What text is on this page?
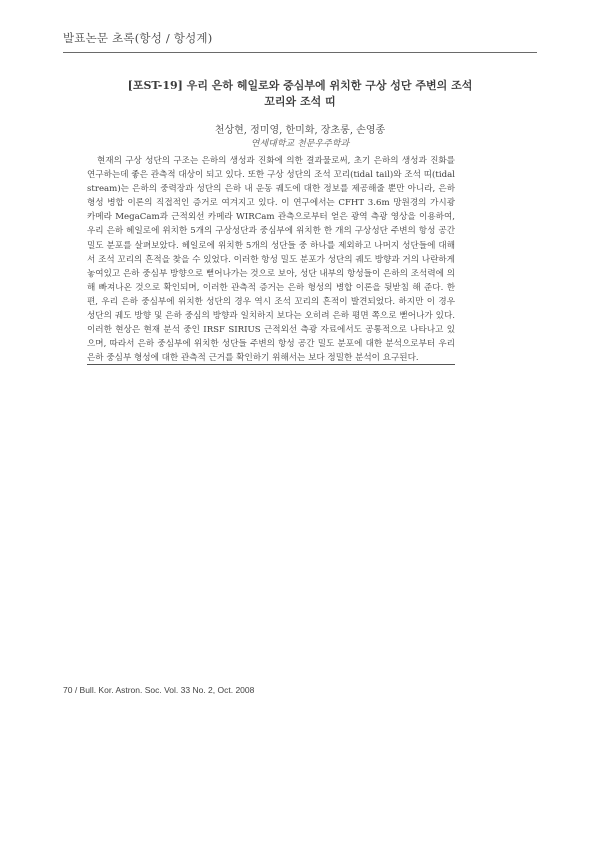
발표논문 초록(항성 / 항성계)
[포ST-19] 우리 은하 헤일로와 중심부에 위치한 구상 성단 주변의 조석
꼬리와 조석 띠
천상현, 정미영, 한미화, 장초롱, 손영종
연세대학교 천문우주학과
현재의 구상 성단의 구조는 은하의 생성과 진화에 의한 결과물로써, 초기 은하의 생성과 진화를 연구하는데 좋은 관측적 대상이 되고 있다. 또한 구상 성단의 조석 꼬리(tidal tail)와 조석 띠(tidal stream)는 은하의 중력장과 성단의 은하 내 운동 궤도에 대한 정보를 제공해줄 뿐만 아니라, 은하 형성 병합 이론의 직접적인 증거로 여겨지고 있다. 이 연구에서는 CFHT 3.6m 망원경의 가시광 카메라 MegaCam과 근적외선 카메라 WIRCam 관측으로부터 얻은 광역 측광 영상을 이용하여, 우리 은하 헤일로에 위치한 5개의 구상성단과 중심부에 위치한 한 개의 구상성단 주변의 항성 공간 밀도 분포를 살펴보았다. 헤일로에 위치한 5개의 성단들 중 하나를 제외하고 나머지 성단들에 대해서 조석 꼬리의 흔적을 찾을 수 있었다. 이러한 항성 밀도 분포가 성단의 궤도 방향과 거의 나란하게 놓여있고 은하 중심부 방향으로 뻗어나가는 것으로 보아, 성단 내부의 항성들이 은하의 조석력에 의해 빠져나온 것으로 확인되며, 이러한 관측적 증거는 은하 형성의 병합 이론을 뒷받침 해 준다. 한편, 우리 은하 중심부에 위치한 성단의 경우 역시 조석 꼬리의 흔적이 발견되었다. 하지만 이 경우 성단의 궤도 방향 및 은하 중심의 방향과 일치하지 보다는 오히려 은하 평면 쪽으로 뻗어나가 있다. 이러한 현상은 현재 분석 중인 IRSF SIRIUS 근적외선 측광 자료에서도 공통적으로 나타나고 있으며, 따라서 은하 중심부에 위치한 성단들 주변의 항성 공간 밀도 분포에 대한 분석으로부터 우리 은하 중심부 형성에 대한 관측적 근거를 확인하기 위해서는 보다 정밀한 분석이 요구된다.
70 / Bull. Kor. Astron. Soc. Vol. 33 No. 2, Oct. 2008
